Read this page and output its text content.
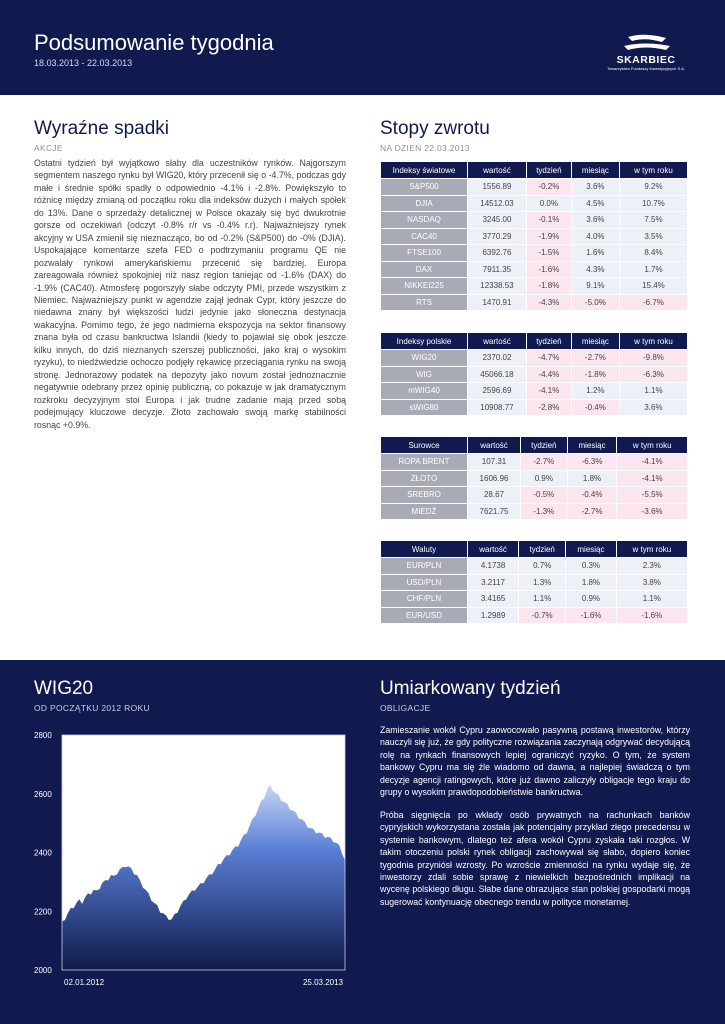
Podsumowanie tygodnia
18.03.2013 - 22.03.2013	SKARBIEC
Towarzystwo Funduszy Inwestycyjnych S.A.
Wyraźne spadki
AKCJE

Ostatni tydzień był wyjątkowo słaby dla uczestników rynków. Najgorszym segmentem naszego rynku był WIG20, który przecenił się o -4.7%, podczas gdy małe i średnie spółki spadły o odpowiednio -4.1% i -2.8%. Powiększyło to różnicę między zmianą od początku roku dla indeksów dużych i małych spółek do 13%. Dane o sprzedaży detalicznej w Polsce okazały się być dwukrotnie gorsze od oczekiwań (odczyt -0.8% r/r vs -0.4% r.r). Najważniejszy rynek akcyjny w USA zmienił się nieznacząco, bo od -0.2% (S&P500) do -0% (DJIA). Uspokajające komentarze szefa FED o podtrzymaniu programu QE nie pozwalały rynkowi amerykańskiemu przecenić się bardziej. Europa zareagowała również spokojniej niż nasz region taniejąc od -1.6% (DAX) do -1.9% (CAC40). Atmosferę pogorszyły słabe odczyty PMI, przede wszystkim z Niemiec. Najważniejszy punkt w agendzie zajął jednak Cypr, który jeszcze do niedawna znany był większości ludzi jedynie jako słoneczna destynacja wakacyjna. Pomimo tego, że jego nadmierna ekspozycja na sektor finansowy znana była od czasu bankructwa Islandii (kiedy to pojawiał się obok jeszcze kilku innych, do dziś nieznanych szerszej publiczności, jako kraj o wysokim ryzyku), to niedźwiedzie ochoczo podjęły rękawicę przeciągania rynku na swoją stronę. Jednorazowy podatek na depozyty jako novum został jednoznacznie negatywnie odebrany przez opinię publiczną, co pokazuje w jak dramatycznym rozkroku decyzyjnym stoi Europa i jak trudne zadanie mają przed sobą podejmujący kluczowe decyzje. Złoto zachowało swoją markę stabilności rosnąc +0.9%.

Stopy zwrotu
NA DZIEŃ 22.03.2013
Indeksy światowe	wartość	tydzień	miesiąc	w tym roku
S&P500	1556.89	-0.2%	3.6%	9.2%
DJIA	14512.03	0.0%	4.5%	10.7%
NASDAQ	3245.00	-0.1%	3.6%	7.5%
CAC40	3770.29	-1.9%	4.0%	3.5%
FTSE100	6392.76	-1.5%	1.6%	8.4%
DAX	7911.35	-1.6%	4.3%	1.7%
NIKKEI225	12338.53	-1.8%	9.1%	15.4%
RTS	1470.91	-4.3%	-5.0%	-6.7%
Indeksy polskie	wartość	tydzień	miesiąc	w tym roku
WIG20	2370.02	-4.7%	-2.7%	-9.8%
WIG	45066.18	-4.4%	-1.8%	-6.3%
mWIG40	2596.69	-4.1%	1.2%	1.1%
sWIG80	10908.77	-2.8%	-0.4%	3.6%
Surowce	wartość	tydzień	miesiąc	w tym roku
ROPA BRENT	107.31	-2.7%	-6.3%	-4.1%
ZŁOTO	1606.96	0.9%	1.8%	-4.1%
SREBRO	28.67	-0.5%	-0.4%	-5.5%
MIEDŹ	7621.75	-1.3%	-2.7%	-3.6%
Waluty	wartość	tydzień	miesiąc	w tym roku
EUR/PLN	4.1738	0.7%	0.3%	2.3%
USD/PLN	3.2117	1.3%	1.8%	3.8%
CHF/PLN	3.4165	1.1%	0.9%	1.1%
EUR/USD	1.2989	-0.7%	-1.6%	-1.6%
WIG20
OD POCZĄTKU 2012 ROKU
Umiarkowany tydzień
OBLIGACJE

Zamieszanie wokół Cypru zaowocowało pasywną postawą inwestorów, którzy nauczyli się już, że gdy polityczne rozwiązania zaczynają odgrywać decydującą rolę na rynkach finansowych lepiej ograniczyć ryzyko. O tym, że system bankowy Cypru ma się źle wiadomo od dawna, a najlepiej świadczą o tym decyzje agencji ratingowych, które już dawno zaliczyły obligacje tego kraju do grupy o wysokim prawdopodobieństwie bankructwa.

Próba sięgnięcia po wkłady osób prywatnych na rachunkach banków cypryjskich wykorzystana została jak potencjalny przykład złego precedensu w systemie bankowym, dlatego też afera wokół Cypru zyskała taki rozgłos. W takim otoczeniu polski rynek obligacji zachowywał się słabo, dopiero koniec tygodnia przyniósł wzrosty. Po wzroście zmienności na rynku wydaje się, że inwestorzy zdali sobie sprawę z niewielkich bezpośrednich implikacji na wycenę polskiego długu. Słabe dane obrazujące stan polskiej gospodarki mogą sugerować kontynuację obecnego trendu w polityce monetarnej.

2800
2600
2400
2200
2000
02.01.2012	25.03.2013
